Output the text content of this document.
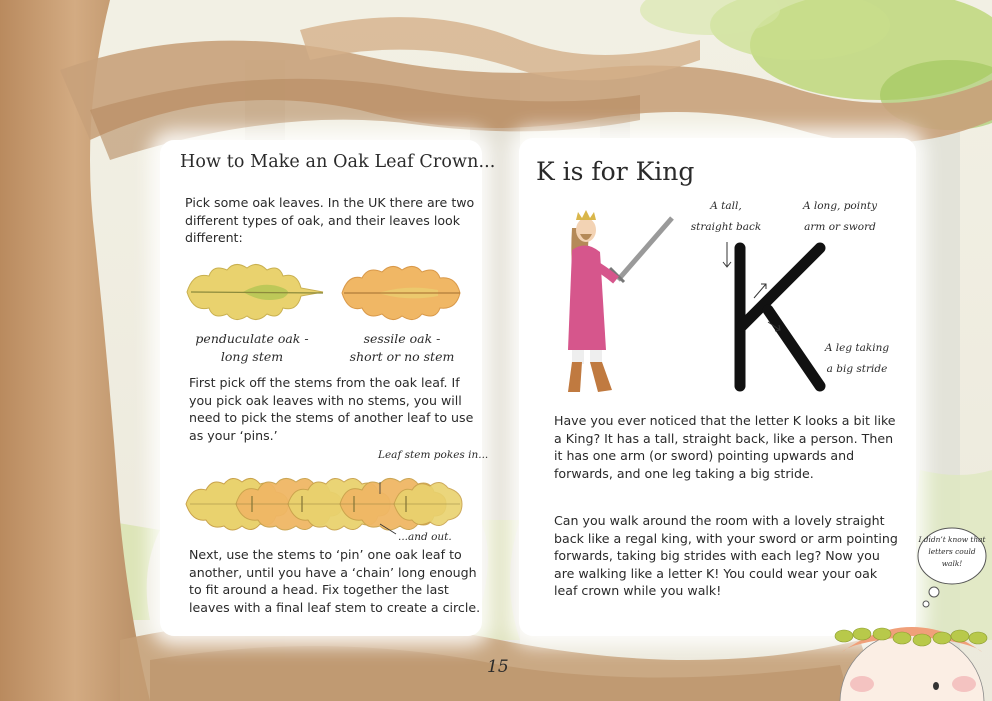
How to Make an Oak Leaf Crown...

Pick some oak leaves. In the UK there are two different types of oak, and their leaves look different:

penduculate oak -
long stem

sessile oak -
short or no stem

First pick off the stems from the oak leaf. If you pick oak leaves with no stems, you will need to pick the stems of another leaf to use as your ‘pins.’

Leaf stem pokes in...

...and out.

Next, use the stems to ‘pin’ one oak leaf to another, until you have a ‘chain’ long enough to fit around a head. Fix together the last leaves with a final leaf stem to create a circle.

K is for King

A tall,
straight back

A long, pointy
arm or sword

A leg taking
a big stride

Have you ever noticed that the letter K looks a bit like a King? It has a tall, straight back, like a person. Then it has one arm (or sword) pointing upwards and forwards, and one leg taking a big stride.

Can you walk around the room with a lovely straight back like a regal king, with your sword or arm pointing forwards, taking big strides with each leg? Now you are walking like a letter K! You could wear your oak leaf crown while you walk!

I didn’t know that
letters could walk!

15
